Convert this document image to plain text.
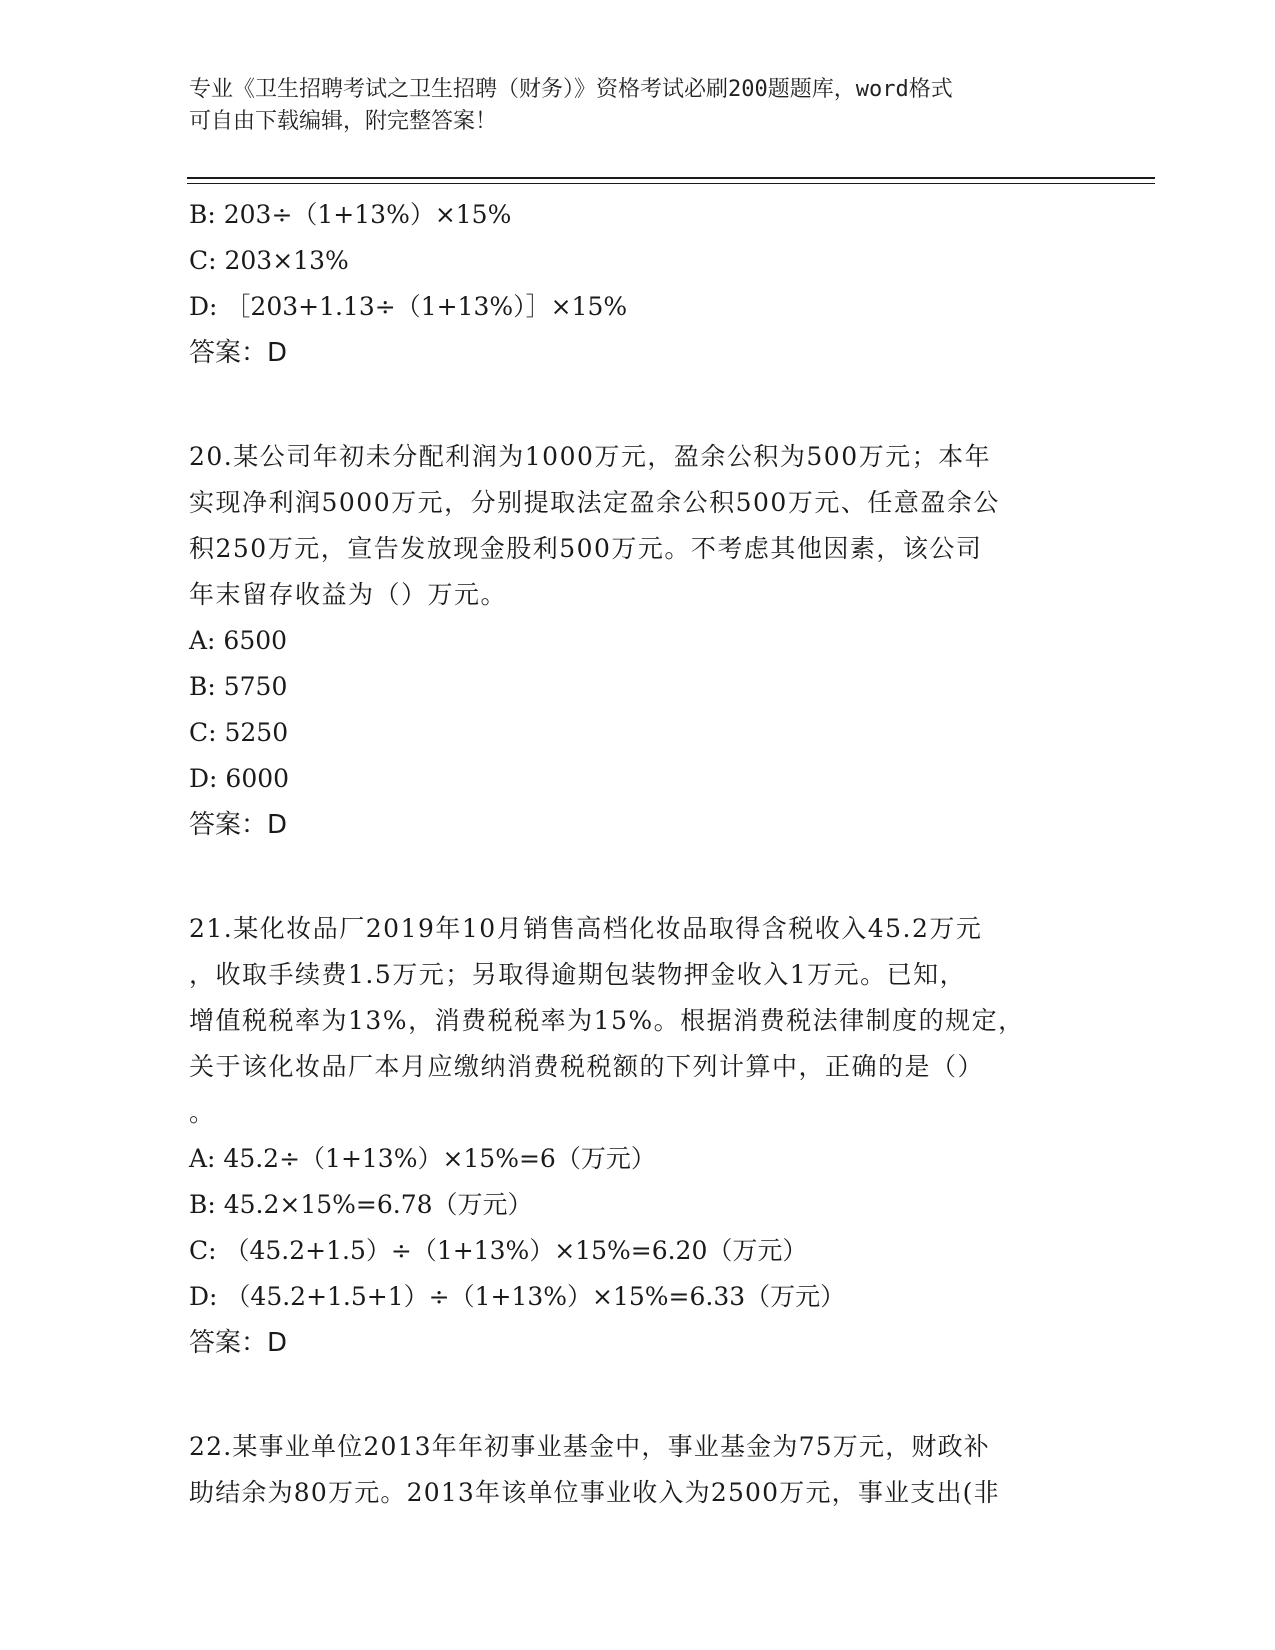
专业《卫生招聘考试之卫生招聘（财务）》资格考试必刷200题题库，word格式
可自由下载编辑，附完整答案！
B: 203÷（1+13%）×15%
C: 203×13%
D: ［203+1.13÷（1+13%）］×15%
答案：D
20.某公司年初未分配利润为1000万元，盈余公积为500万元；本年
实现净利润5000万元，分别提取法定盈余公积500万元、任意盈余公
积250万元，宣告发放现金股利500万元。不考虑其他因素，该公司
年末留存收益为（）万元。
A: 6500
B: 5750
C: 5250
D: 6000
答案：D
21.某化妆品厂2019年10月销售高档化妆品取得含税收入45.2万元
，收取手续费1.5万元；另取得逾期包装物押金收入1万元。已知，
增值税税率为13%，消费税税率为15%。根据消费税法律制度的规定，
关于该化妆品厂本月应缴纳消费税税额的下列计算中，正确的是（）
。
A: 45.2÷（1+13%）×15%=6（万元）
B: 45.2×15%=6.78（万元）
C: （45.2+1.5）÷（1+13%）×15%=6.20（万元）
D: （45.2+1.5+1）÷（1+13%）×15%=6.33（万元）
答案：D
22.某事业单位2013年年初事业基金中，事业基金为75万元，财政补
助结余为80万元。2013年该单位事业收入为2500万元，事业支出(非
